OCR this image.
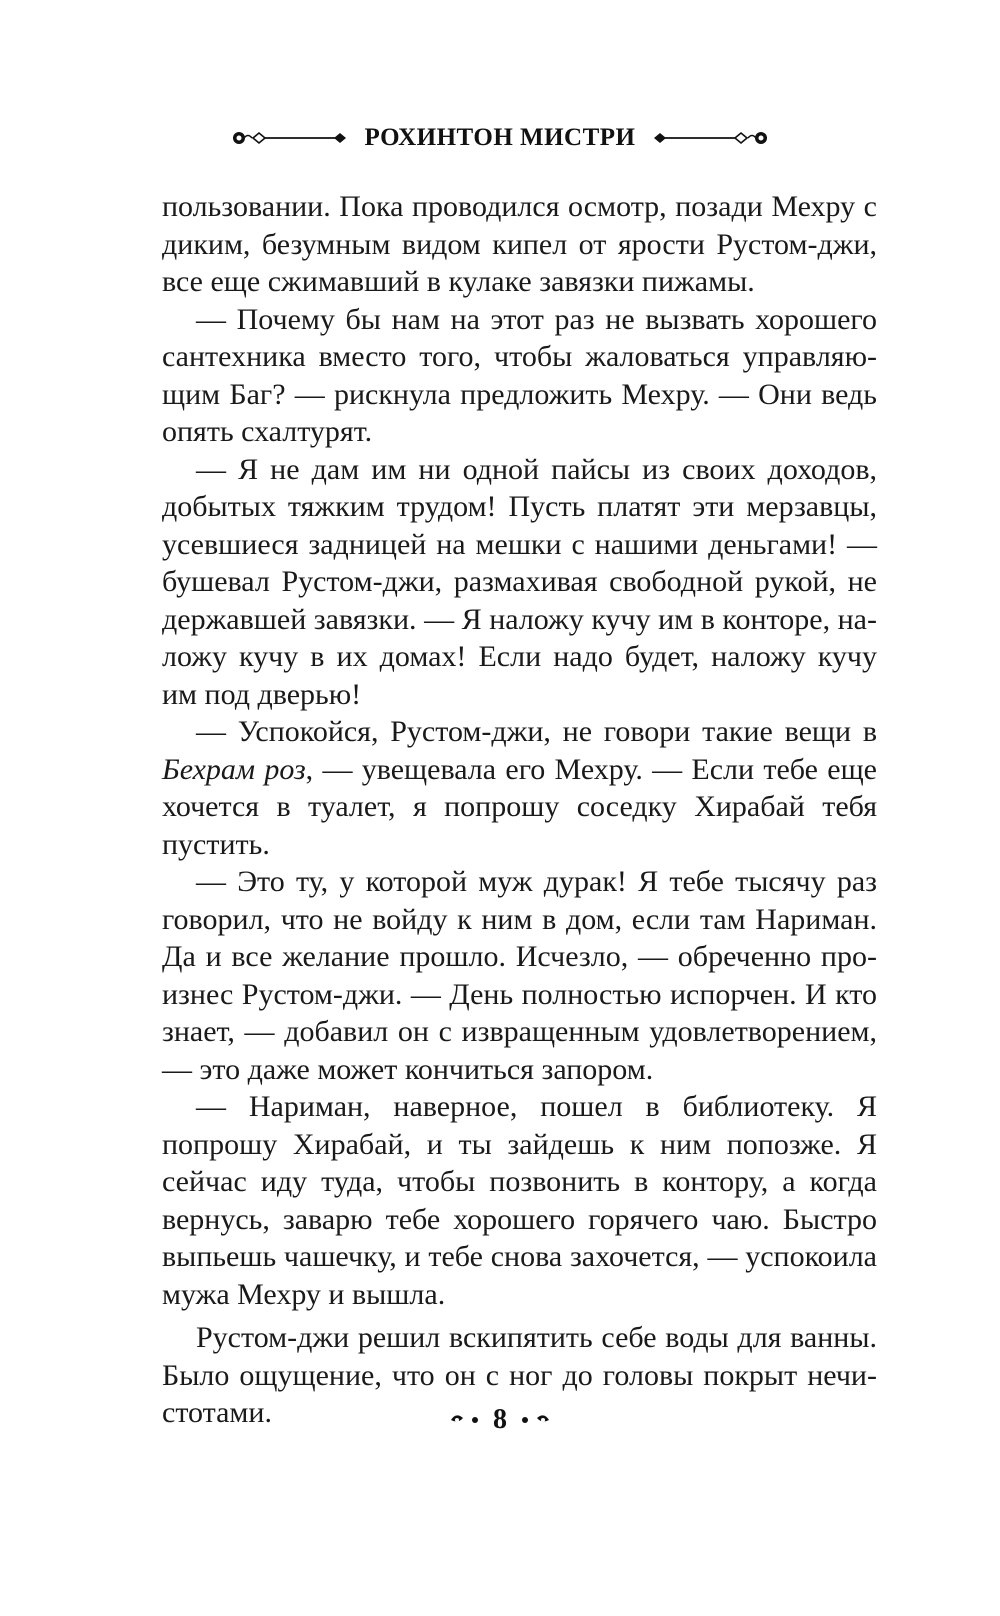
РОХИНТОН МИСТРИ

пользовании. Пока проводился осмотр, позади Мехру с диким, безумным видом кипел от ярости Рустом-джи, все еще сжимавший в кулаке завязки пижамы.

— Почему бы нам на этот раз не вызвать хорошего сантехника вместо того, чтобы жаловаться управляющим Баг? — рискнула предложить Мехру. — Они ведь опять схалтурят.

— Я не дам им ни одной пайсы из своих доходов, добытых тяжким трудом! Пусть платят эти мерзавцы, усевшиеся задницей на мешки с нашими деньгами! — бушевал Рустом-джи, размахивая свободной рукой, не державшей завязки. — Я наложу кучу им в конторе, наложу кучу в их домах! Если надо будет, наложу кучу им под дверью!

— Успокойся, Рустом-джи, не говори такие вещи в Бехрам роз, — увещевала его Мехру. — Если тебе еще хочется в туалет, я попрошу соседку Хирабай тебя пустить.

— Это ту, у которой муж дурак! Я тебе тысячу раз говорил, что не войду к ним в дом, если там Нариман. Да и все желание прошло. Исчезло, — обреченно произнес Рустом-джи. — День полностью испорчен. И кто знает, — добавил он с извращенным удовлетворением, — это даже может кончиться запором.

— Нариман, наверное, пошел в библиотеку. Я попрошу Хирабай, и ты зайдешь к ним попозже. Я сейчас иду туда, чтобы позвонить в контору, а когда вернусь, заварю тебе хорошего горячего чаю. Быстро выпьешь чашечку, и тебе снова захочется, — успокоила мужа Мехру и вышла.

Рустом-джи решил вскипятить себе воды для ванны. Было ощущение, что он с ног до головы покрыт нечистотами.	8
